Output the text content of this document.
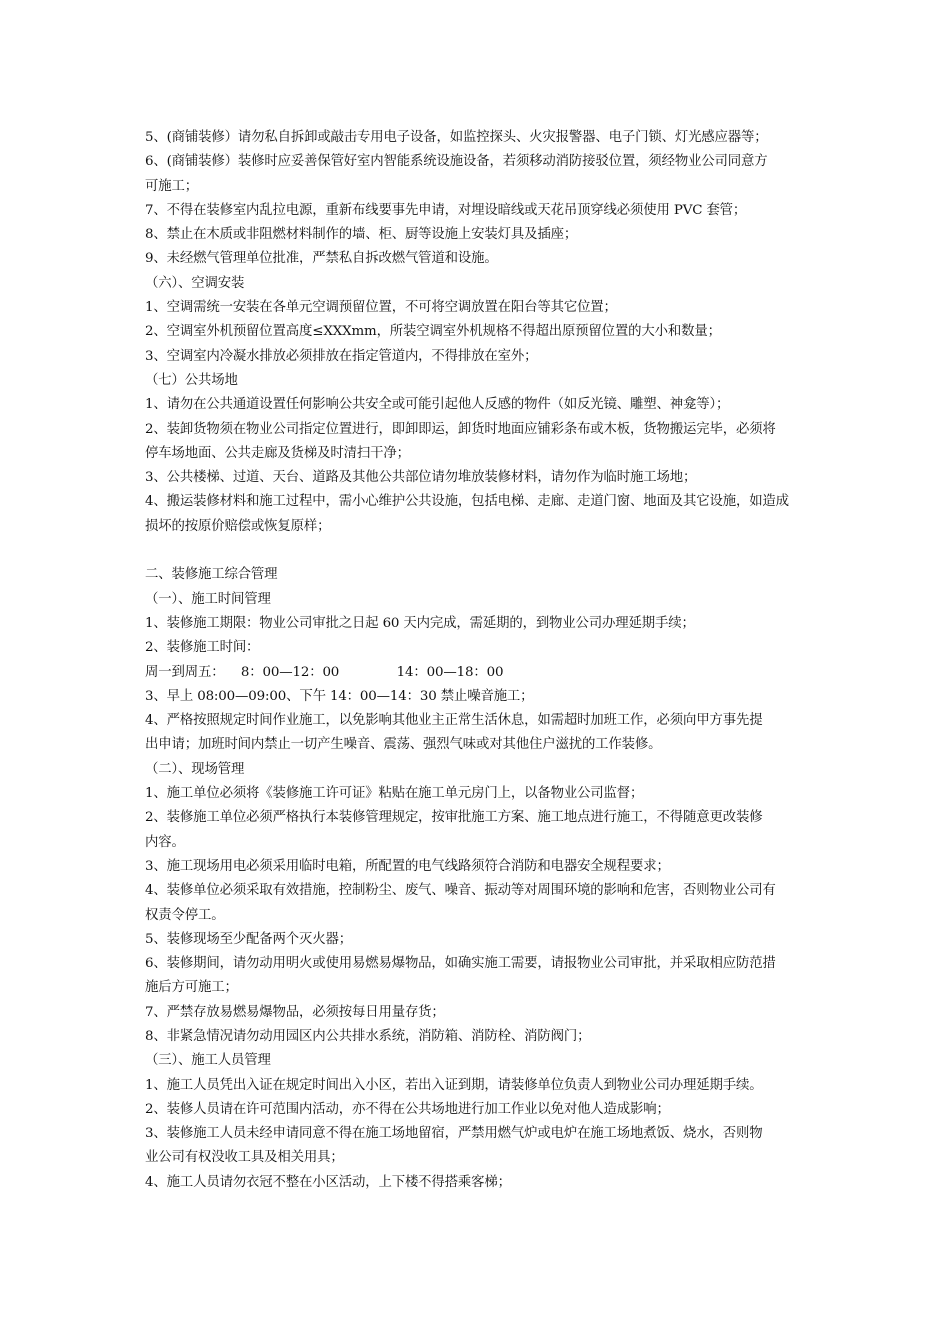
5、(商铺装修）请勿私自拆卸或敲击专用电子设备，如监控探头、火灾报警器、电子门锁、灯光感应器等；
6、(商铺装修）装修时应妥善保管好室内智能系统设施设备，若须移动消防接驳位置，须经物业公司同意方
可施工；
7、不得在装修室内乱拉电源，重新布线要事先申请，对埋设暗线或天花吊顶穿线必须使用 PVC 套管；
8、禁止在木质或非阻燃材料制作的墙、柜、厨等设施上安装灯具及插座；
9、未经燃气管理单位批准，严禁私自拆改燃气管道和设施。
（六）、空调安装
1、空调需统一安装在各单元空调预留位置，不可将空调放置在阳台等其它位置；
2、空调室外机预留位置高度≤XXXmm，所装空调室外机规格不得超出原预留位置的大小和数量；
3、空调室内冷凝水排放必须排放在指定管道内，不得排放在室外；
（七）公共场地
1、请勿在公共通道设置任何影响公共安全或可能引起他人反感的物件（如反光镜、雕塑、神龛等）；
2、装卸货物须在物业公司指定位置进行，即卸即运，卸货时地面应铺彩条布或木板，货物搬运完毕，必须将
停车场地面、公共走廊及货梯及时清扫干净；
3、公共楼梯、过道、天台、道路及其他公共部位请勿堆放装修材料，请勿作为临时施工场地；
4、搬运装修材料和施工过程中，需小心维护公共设施，包括电梯、走廊、走道门窗、地面及其它设施，如造成
损坏的按原价赔偿或恢复原样；
二、装修施工综合管理
（一）、施工时间管理
1、装修施工期限：物业公司审批之日起 60 天内完成，需延期的，到物业公司办理延期手续；
2、装修施工时间：
周一到周五：    8：00—12：00              14：00—18：00
3、早上 08:00—09:00、下午 14：00—14：30 禁止噪音施工；
4、严格按照规定时间作业施工，以免影响其他业主正常生活休息，如需超时加班工作，必须向甲方事先提
出申请；加班时间内禁止一切产生噪音、震荡、强烈气味或对其他住户滋扰的工作装修。
（二）、现场管理
1、施工单位必须将《装修施工许可证》粘贴在施工单元房门上，以备物业公司监督；
2、装修施工单位必须严格执行本装修管理规定，按审批施工方案、施工地点进行施工，不得随意更改装修
内容。
3、施工现场用电必须采用临时电箱，所配置的电气线路须符合消防和电器安全规程要求；
4、装修单位必须采取有效措施，控制粉尘、废气、噪音、振动等对周围环境的影响和危害，否则物业公司有
权责令停工。
5、装修现场至少配备两个灭火器；
6、装修期间，请勿动用明火或使用易燃易爆物品，如确实施工需要，请报物业公司审批，并采取相应防范措
施后方可施工；
7、严禁存放易燃易爆物品，必须按每日用量存货；
8、非紧急情况请勿动用园区内公共排水系统，消防箱、消防栓、消防阀门；
（三）、施工人员管理
1、施工人员凭出入证在规定时间出入小区，若出入证到期，请装修单位负责人到物业公司办理延期手续。
2、装修人员请在许可范围内活动，亦不得在公共场地进行加工作业以免对他人造成影响；
3、装修施工人员未经申请同意不得在施工场地留宿，严禁用燃气炉或电炉在施工场地煮饭、烧水，否则物
业公司有权没收工具及相关用具；
4、施工人员请勿衣冠不整在小区活动，上下楼不得搭乘客梯；
